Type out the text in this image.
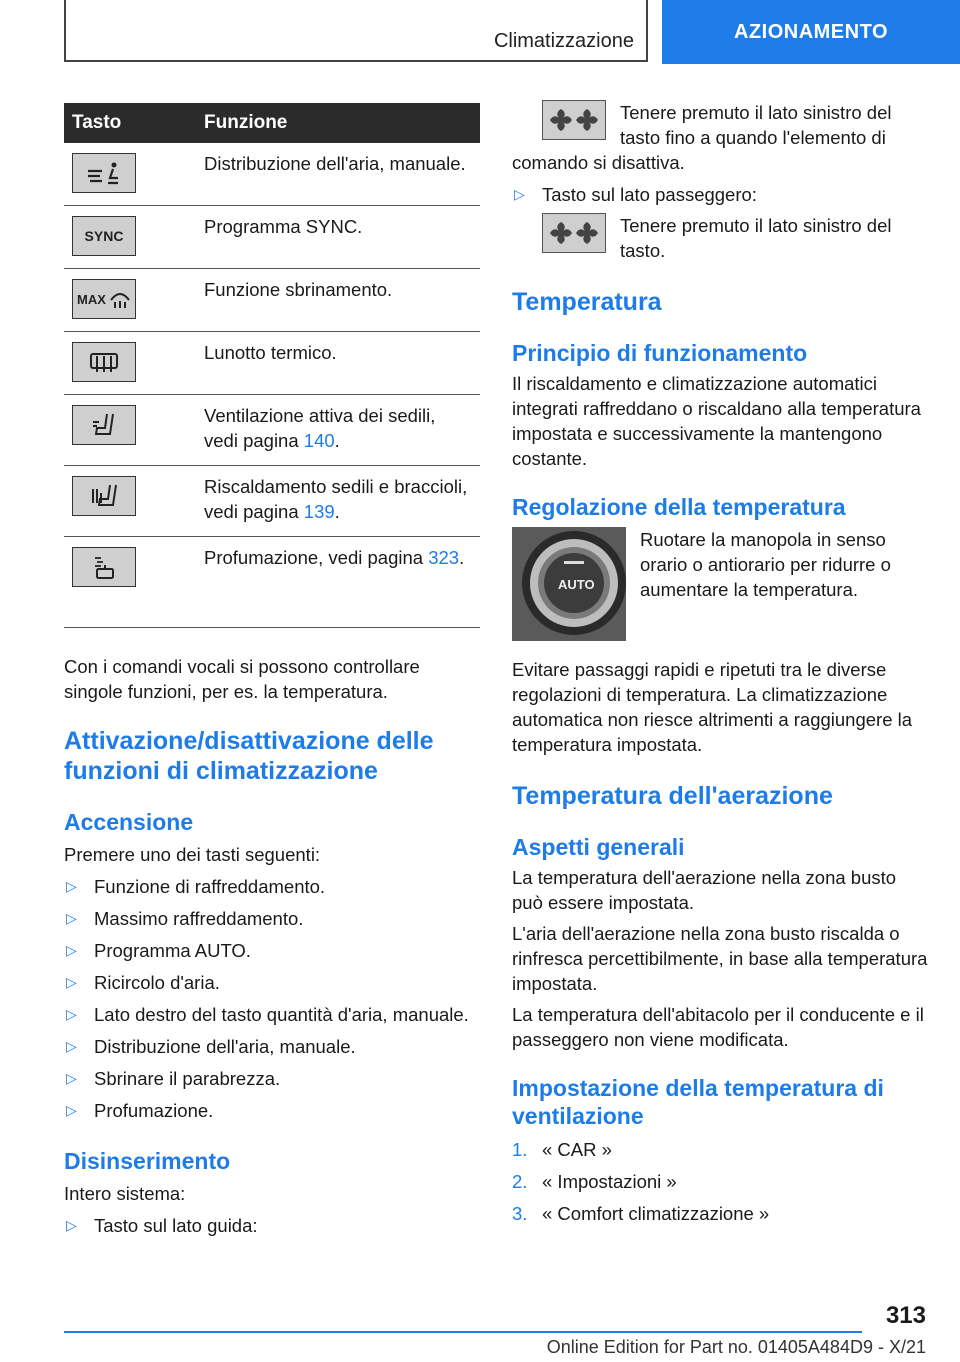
Climatizzazione	AZIONAMENTO
Tasto	Funzione

	Distribuzione dell'aria, manuale.

SYNC	Programma SYNC.

MAX	Funzione sbrinamento.

	Lunotto termico.

	Ventilazione attiva dei sedili, vedi pagina 140.

	Riscaldamento sedili e braccioli, vedi pagina 139.

	Profumazione, vedi pagina 323.

Con i comandi vocali si possono controllare singole funzioni, per es. la temperatura.

Attivazione/disattivazione delle funzioni di climatizzazione
Accensione

Premere uno dei tasti seguenti:

▷ Funzione di raffreddamento.
▷ Massimo raffreddamento.
▷ Programma AUTO.
▷ Ricircolo d'aria.
▷ Lato destro del tasto quantità d'aria, manuale.
▷ Distribuzione dell'aria, manuale.
▷ Sbrinare il parabrezza.
▷ Profumazione.
Disinserimento

Intero sistema:

▷ Tasto sul lato guida:

Tenere premuto il lato sinistro del tasto fino a quando l'elemento di comando si disattiva.

▷ Tasto sul lato passeggero:

Tenere premuto il lato sinistro del tasto.

Temperatura
Principio di funzionamento

Il riscaldamento e climatizzazione automatici integrati raffreddano o riscaldano alla temperatura impostata e successivamente la mantengono costante.

Regolazione della temperatura
AUTO

Ruotare la manopola in senso orario o antiorario per ridurre o aumentare la temperatura.

Evitare passaggi rapidi e ripetuti tra le diverse regolazioni di temperatura. La climatizzazione automatica non riesce altrimenti a raggiungere la temperatura impostata.

Temperatura dell'aerazione
Aspetti generali

La temperatura dell'aerazione nella zona busto può essere impostata.

L'aria dell'aerazione nella zona busto riscalda o rinfresca percettibilmente, in base alla temperatura impostata.

La temperatura dell'abitacolo per il conducente e il passeggero non viene modificata.

Impostazione della temperatura di ventilazione
1. « CAR »
2. « Impostazioni »
3. « Comfort climatizzazione »
313
Online Edition for Part no. 01405A484D9 - X/21
